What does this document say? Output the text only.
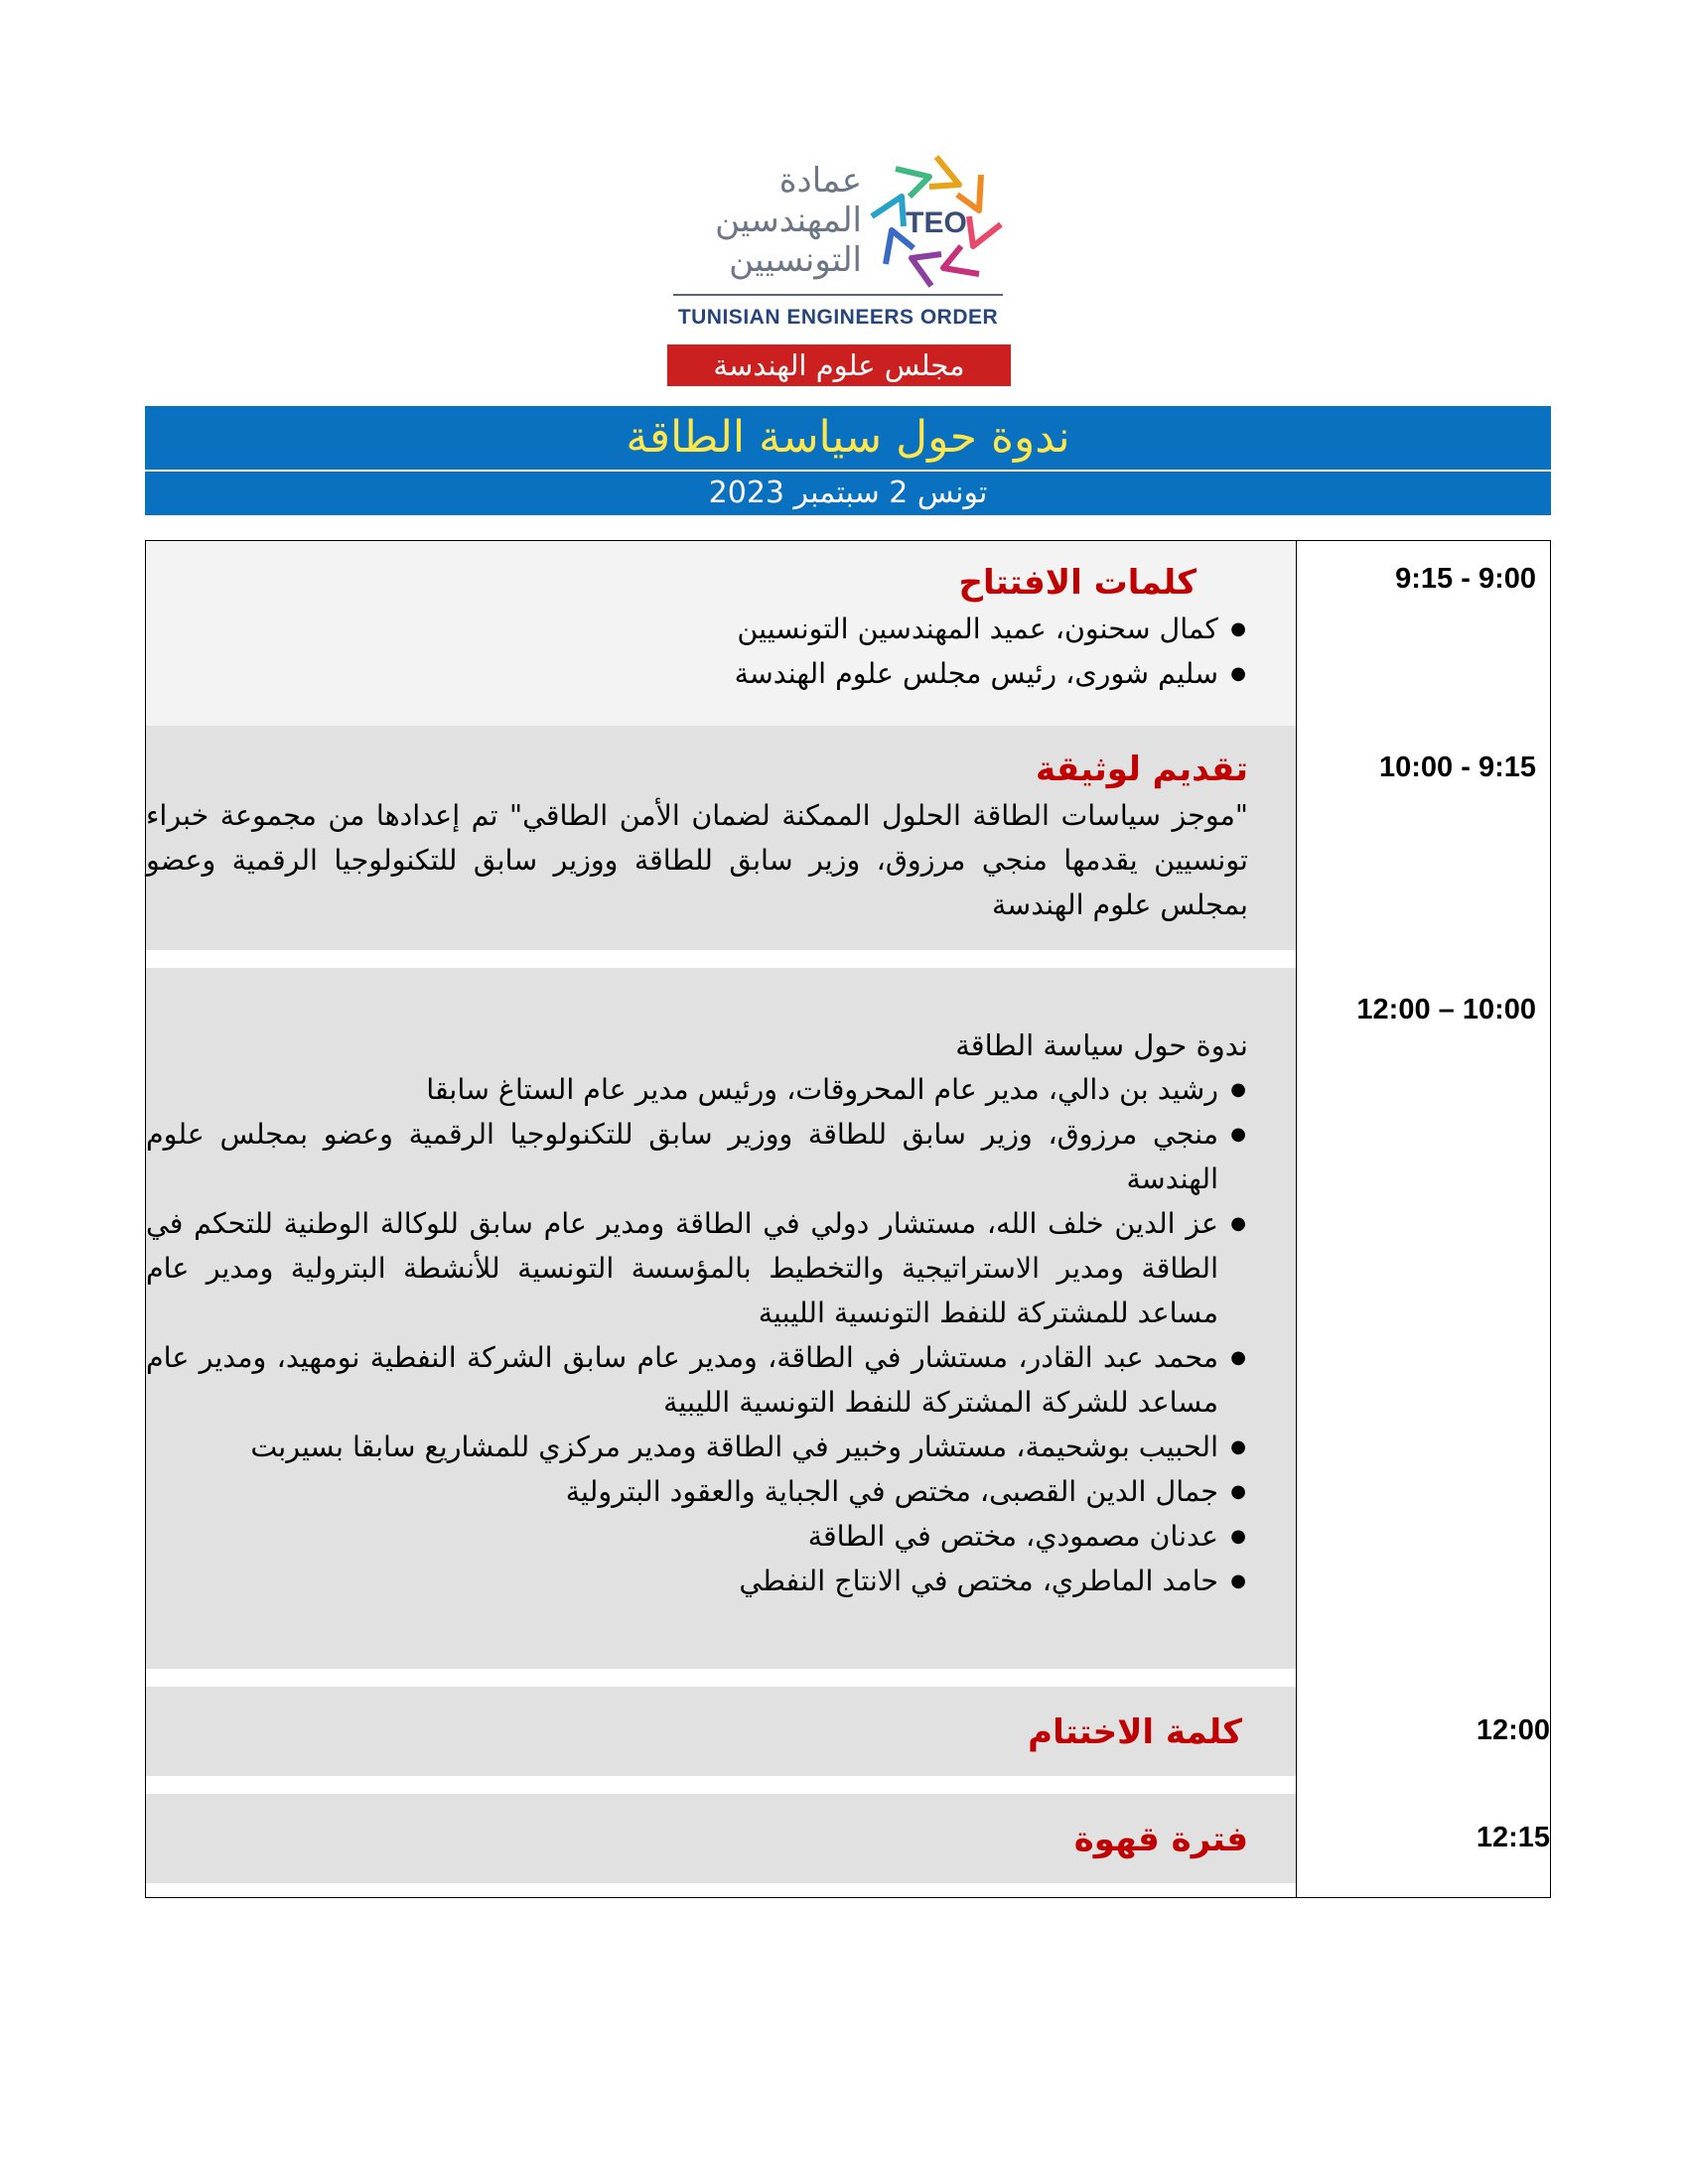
عمادة
المهندسين
التونسيين
TEO
TUNISIAN ENGINEERS ORDER
مجلس علوم الهندسة
ندوة حول سياسة الطاقة
تونس 2 سبتمبر 2023
9:15 - 9:00
كلمات الافتتاح
● كمال سحنون، عميد المهندسين التونسيين
● سليم شورى، رئيس مجلس علوم الهندسة
10:00 - 9:15
تقديم لوثيقة

"موجز سياسات الطاقة الحلول الممكنة لضمان الأمن الطاقي" تم إعدادها من مجموعة خبراء تونسيين يقدمها منجي مرزوق، وزير سابق للطاقة ووزير سابق للتكنولوجيا الرقمية وعضو بمجلس علوم الهندسة

12:00 – 10:00
ندوة حول سياسة الطاقة
● رشيد بن دالي، مدير عام المحروقات، ورئيس مدير عام الستاغ سابقا
● منجي مرزوق، وزير سابق للطاقة ووزير سابق للتكنولوجيا الرقمية وعضو بمجلس علوم الهندسة
● عز الدين خلف الله، مستشار دولي في الطاقة ومدير عام سابق للوكالة الوطنية للتحكم في الطاقة ومدير الاستراتيجية والتخطيط بالمؤسسة التونسية للأنشطة البترولية ومدير عام مساعد للمشتركة للنفط التونسية الليبية
● محمد عبد القادر، مستشار في الطاقة، ومدير عام سابق الشركة النفطية نومهيد، ومدير عام مساعد للشركة المشتركة للنفط التونسية الليبية
● الحبيب بوشحيمة، مستشار وخبير في الطاقة ومدير مركزي للمشاريع سابقا بسيربت
● جمال الدين القصبى، مختص في الجباية والعقود البترولية
● عدنان مصمودي، مختص في الطاقة
● حامد الماطري، مختص في الانتاج النفطي
12:00
كلمة الاختتام
12:15
فترة قهوة
